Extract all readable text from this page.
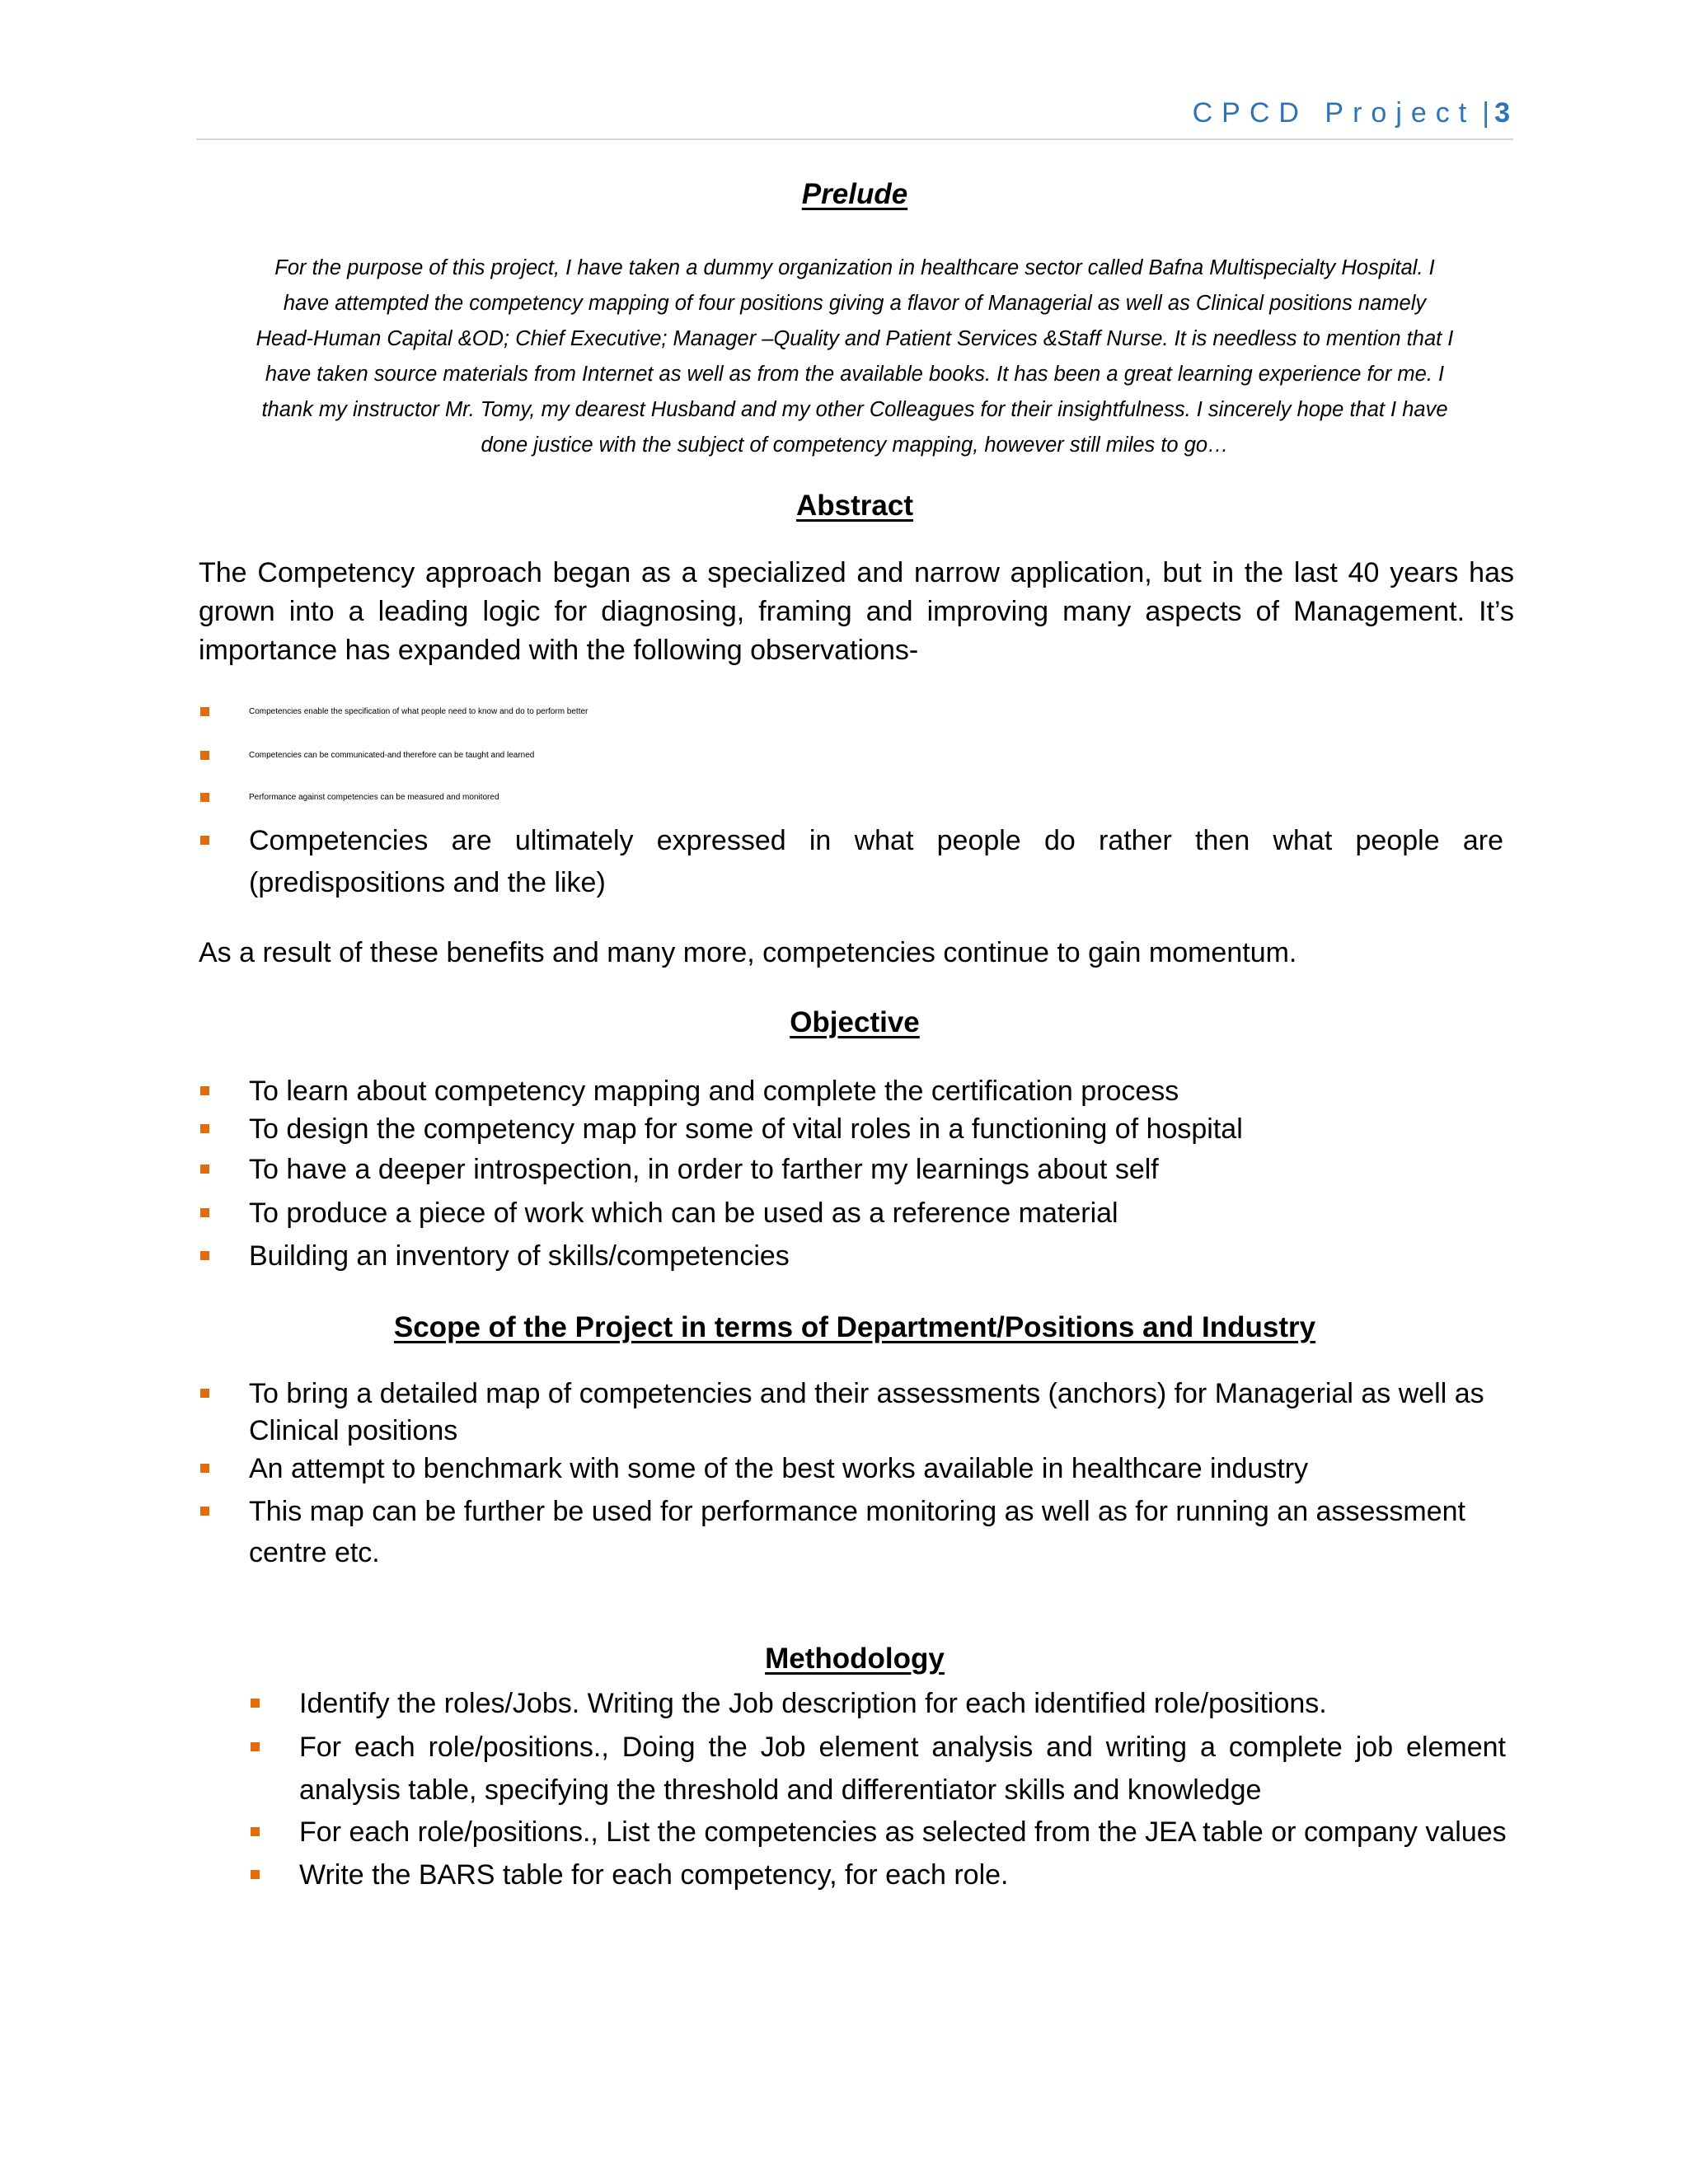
CPCD Project |3
Prelude
For the purpose of this project, I have taken a dummy organization in healthcare sector called Bafna Multispecialty Hospital. I
have attempted the competency mapping of four positions giving a flavor of Managerial as well as Clinical positions namely
Head-Human Capital &OD; Chief Executive; Manager –Quality and Patient Services &Staff Nurse. It is needless to mention that I
have taken source materials from Internet as well as from the available books. It has been a great learning experience for me. I
thank my instructor Mr. Tomy, my dearest Husband and my other Colleagues for their insightfulness. I sincerely hope that I have
done justice with the subject of competency mapping, however still miles to go…
Abstract
The Competency approach began as a specialized and narrow application, but in the last 40 years has
grown into a leading logic for diagnosing, framing and improving many aspects of Management. It’s
importance has expanded with the following observations-
Competencies enable the specification of what people need to know and do to perform better
Competencies can be communicated-and therefore can be taught and learned
Performance against competencies can be measured and monitored
Competencies are ultimately expressed in what people do rather then what people are
(predispositions and the like)
As a result of these benefits and many more, competencies continue to gain momentum.
Objective
To learn about competency mapping and complete the certification process
To design the competency map for some of vital roles in a functioning of hospital
To have a deeper introspection, in order to farther my learnings about self
To produce a piece of work which can be used as a reference material
Building an inventory of skills/competencies
Scope of the Project in terms of Department/Positions and Industry
To bring a detailed map of competencies and their assessments (anchors) for Managerial as well as
Clinical positions
An attempt to benchmark with some of the best works available in healthcare industry
This map can be further be used for performance monitoring as well as for running an assessment
centre etc.
Methodology
Identify the roles/Jobs. Writing the Job description for each identified role/positions.
For each role/positions., Doing the Job element analysis and writing a complete job element
analysis table, specifying the threshold and differentiator skills and knowledge
For each role/positions., List the competencies as selected from the JEA table or company values
Write the BARS table for each competency, for each role.
